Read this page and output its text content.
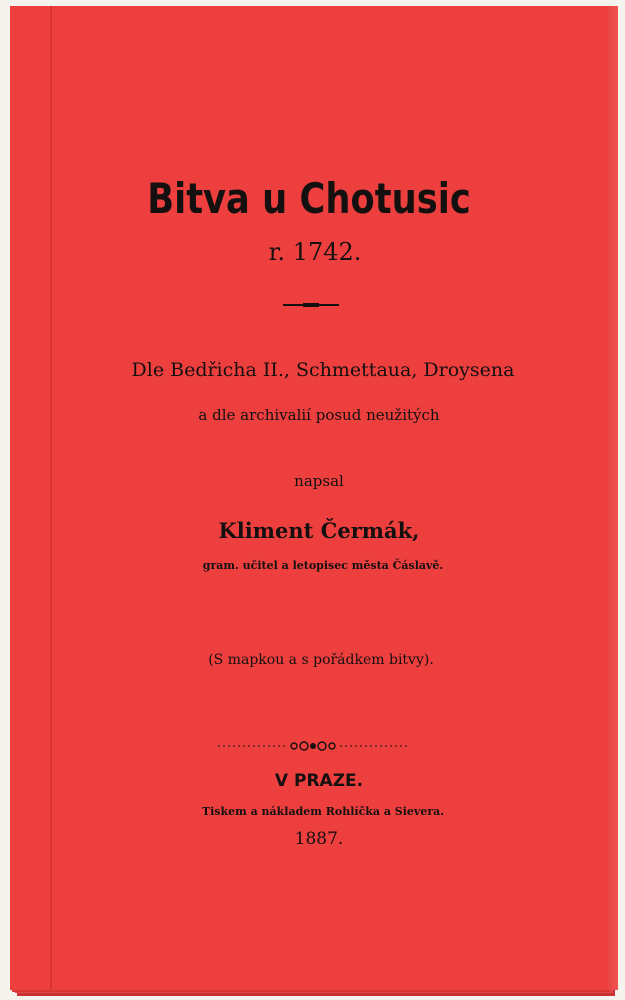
Bitva u Chotusic

r. 1742.

Dle Bedřicha II., Schmettaua, Droysena

a dle archivalií posud neužitých

napsal

Kliment Čermák,

gram. učitel a letopisec města Čáslavě.

(S mapkou a s pořádkem bitvy).

V PRAZE.

Tiskem a nákladem Rohlíčka a Sieverа.

1887.
